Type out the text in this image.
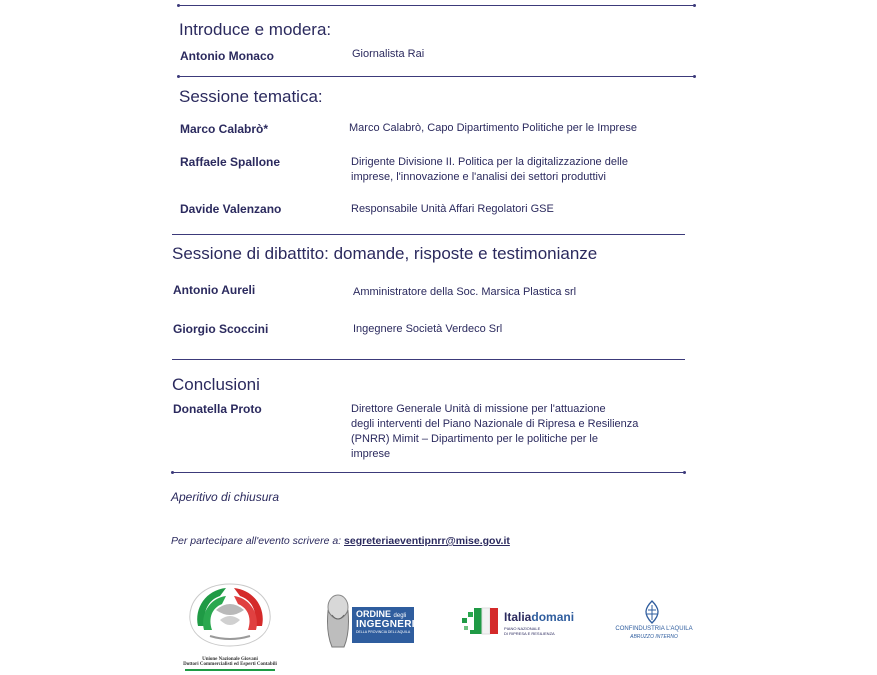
Introduce e modera:
Antonio Monaco	Giornalista Rai
Sessione tematica:
Marco Calabrò*	Marco Calabrò, Capo Dipartimento Politiche per le Imprese
Raffaele Spallone	Dirigente Divisione II. Politica per la digitalizzazione delle
imprese, l'innovazione e l'analisi dei settori produttivi
Davide Valenzano	Responsabile Unità Affari Regolatori GSE
Sessione di dibattito: domande, risposte e testimonianze
Antonio Aureli	Amministratore della Soc. Marsica Plastica srl
Giorgio Scoccini	Ingegnere Società Verdeco Srl
Conclusioni
Donatella Proto	Direttore Generale Unità di missione per l'attuazione
degli interventi del Piano Nazionale di Ripresa e Resilienza
(PNRR) Mimit – Dipartimento per le politiche per le
imprese
Aperitivo di chiusura
Per partecipare all'evento scrivere a: segreteriaeventipnrr@mise.gov.it
Unione Nazionale Giovani
Dottori Commercialisti ed Esperti Contabili
ORDINE degli
INGEGNERI
DELLA PROVINCIA DELL'AQUILA
Italiadomani
PIANO NAZIONALE
DI RIPRESA E RESILIENZA
CONFINDUSTRIA L'AQUILA
ABRUZZO INTERNO
